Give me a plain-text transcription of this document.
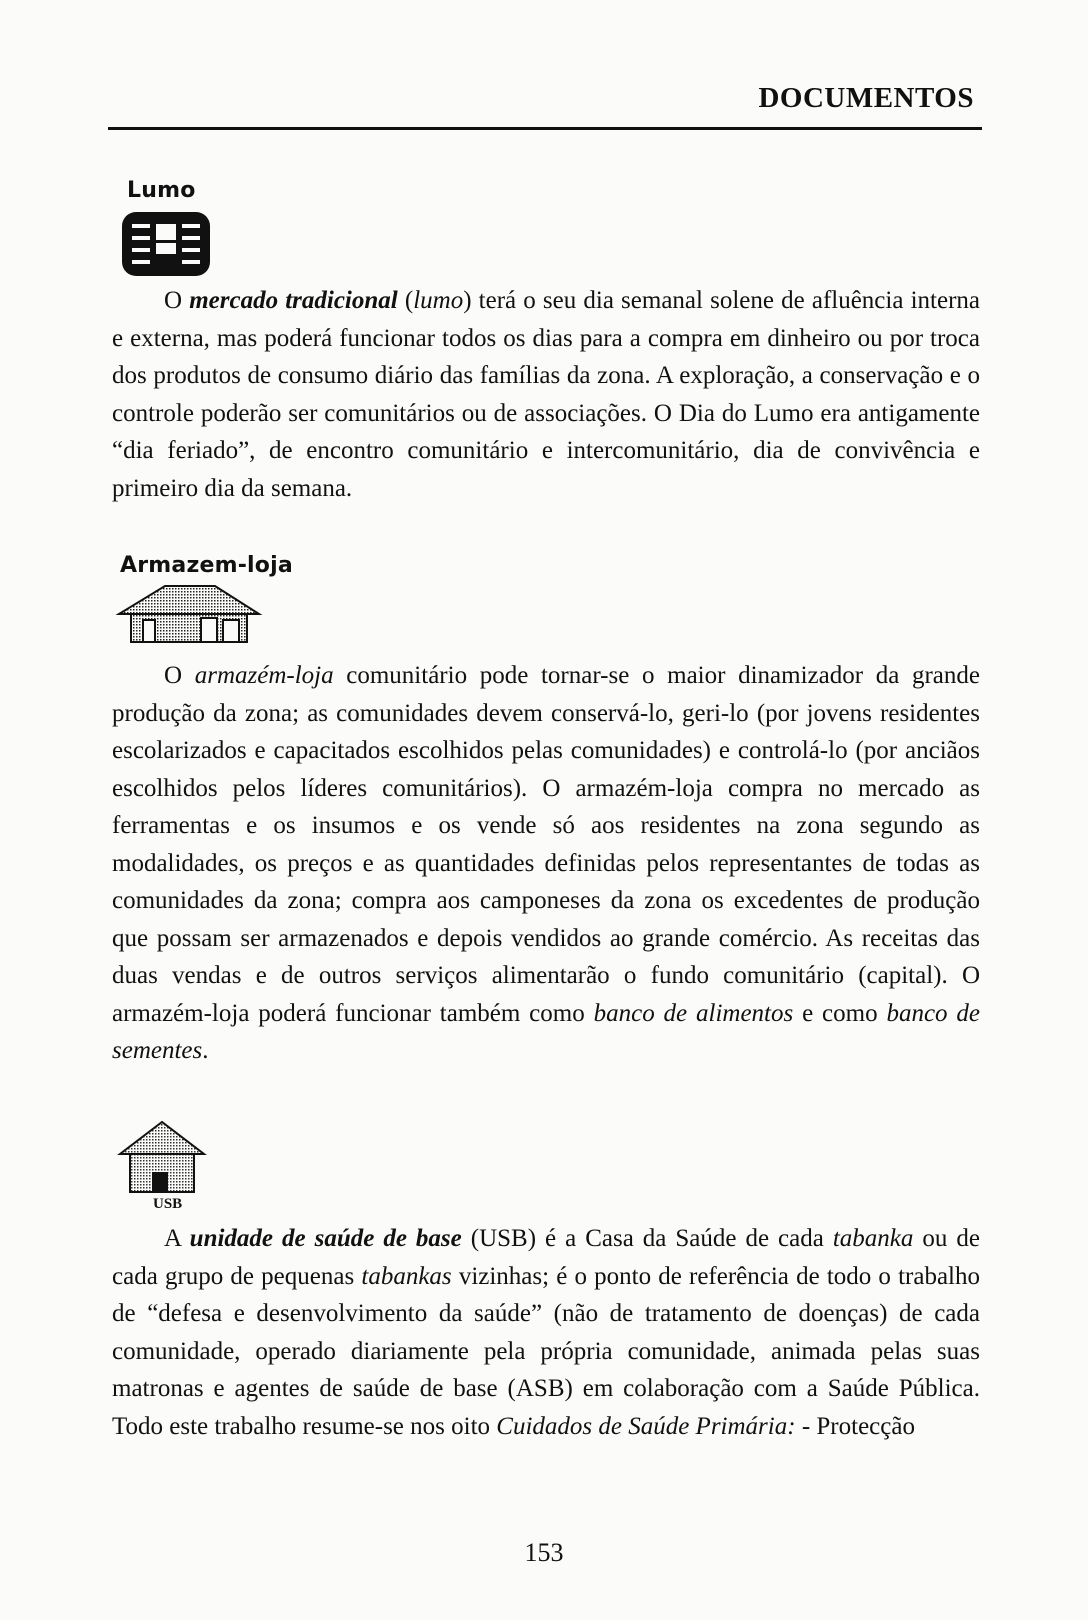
DOCUMENTOS
Lumo

O mercado tradicional (lumo) terá o seu dia semanal solene de afluência interna e externa, mas poderá funcionar todos os dias para a compra em dinheiro ou por troca dos produtos de consumo diário das famílias da zona. A exploração, a conservação e o controle poderão ser comunitários ou de associações. O Dia do Lumo era antigamente “dia feriado”, de encontro comunitário e intercomunitário, dia de convivência e primeiro dia da semana.

Armazem-loja

O armazém-loja comunitário pode tornar-se o maior dinamizador da grande produção da zona; as comunidades devem conservá-lo, geri-lo (por jovens residentes escolarizados e capacitados escolhidos pelas comunidades) e controlá-lo (por anciãos escolhidos pelos líderes comunitários). O armazém-loja compra no mercado as ferramentas e os insumos e os vende só aos residentes na zona segundo as modalidades, os preços e as quantidades definidas pelos representantes de todas as comunidades da zona; compra aos camponeses da zona os excedentes de produção que possam ser armazenados e depois vendidos ao grande comércio. As receitas das duas vendas e de outros serviços alimentarão o fundo comunitário (capital). O armazém-loja poderá funcionar também como banco de alimentos e como banco de sementes.

USB

A unidade de saúde de base (USB) é a Casa da Saúde de cada tabanka ou de cada grupo de pequenas tabankas vizinhas; é o ponto de referência de todo o trabalho de “defesa e desenvolvimento da saúde” (não de tratamento de doenças) de cada comunidade, operado diariamente pela própria comunidade, animada pelas suas matronas e agentes de saúde de base (ASB) em colaboração com a Saúde Pública. Todo este trabalho resume-se nos oito Cuidados de Saúde Primária: - Protecção

153
